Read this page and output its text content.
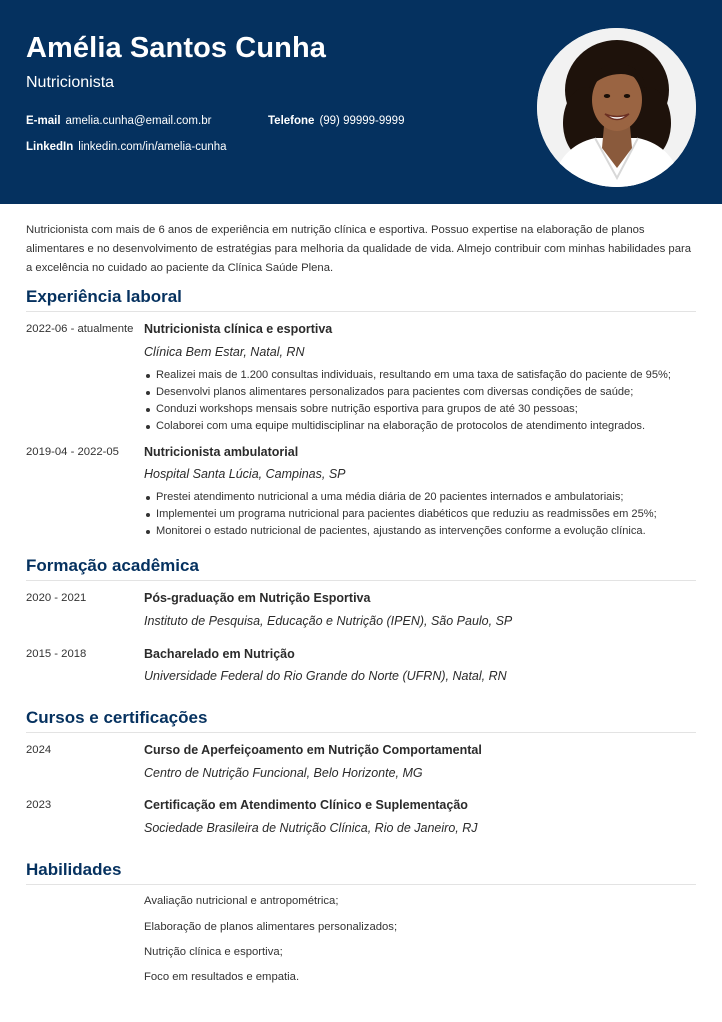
Amélia Santos Cunha
Nutricionista
E-mail amelia.cunha@email.com.br	Telefone (99) 99999-9999
LinkedIn linkedin.com/in/amelia-cunha
Nutricionista com mais de 6 anos de experiência em nutrição clínica e esportiva. Possuo expertise na elaboração de planos alimentares e no desenvolvimento de estratégias para melhoria da qualidade de vida. Almejo contribuir com minhas habilidades para a excelência no cuidado ao paciente da Clínica Saúde Plena.
Experiência laboral
2022-06 - atualmente Nutricionista clínica e esportiva
Clínica Bem Estar, Natal, RN
Realizei mais de 1.200 consultas individuais, resultando em uma taxa de satisfação do paciente de 95%;
Desenvolvi planos alimentares personalizados para pacientes com diversas condições de saúde;
Conduzi workshops mensais sobre nutrição esportiva para grupos de até 30 pessoas;
Colaborei com uma equipe multidisciplinar na elaboração de protocolos de atendimento integrados.
2019-04 - 2022-05 Nutricionista ambulatorial
Hospital Santa Lúcia, Campinas, SP
Prestei atendimento nutricional a uma média diária de 20 pacientes internados e ambulatoriais;
Implementei um programa nutricional para pacientes diabéticos que reduziu as readmissões em 25%;
Monitorei o estado nutricional de pacientes, ajustando as intervenções conforme a evolução clínica.
Formação acadêmica
2020 - 2021	Pós-graduação em Nutrição Esportiva
Instituto de Pesquisa, Educação e Nutrição (IPEN), São Paulo, SP
2015 - 2018	Bacharelado em Nutrição
Universidade Federal do Rio Grande do Norte (UFRN), Natal, RN
Cursos e certificações
2024	Curso de Aperfeiçoamento em Nutrição Comportamental
Centro de Nutrição Funcional, Belo Horizonte, MG
2023	Certificação em Atendimento Clínico e Suplementação
Sociedade Brasileira de Nutrição Clínica, Rio de Janeiro, RJ
Habilidades
Avaliação nutricional e antropométrica;
Elaboração de planos alimentares personalizados;
Nutrição clínica e esportiva;
Foco em resultados e empatia.
